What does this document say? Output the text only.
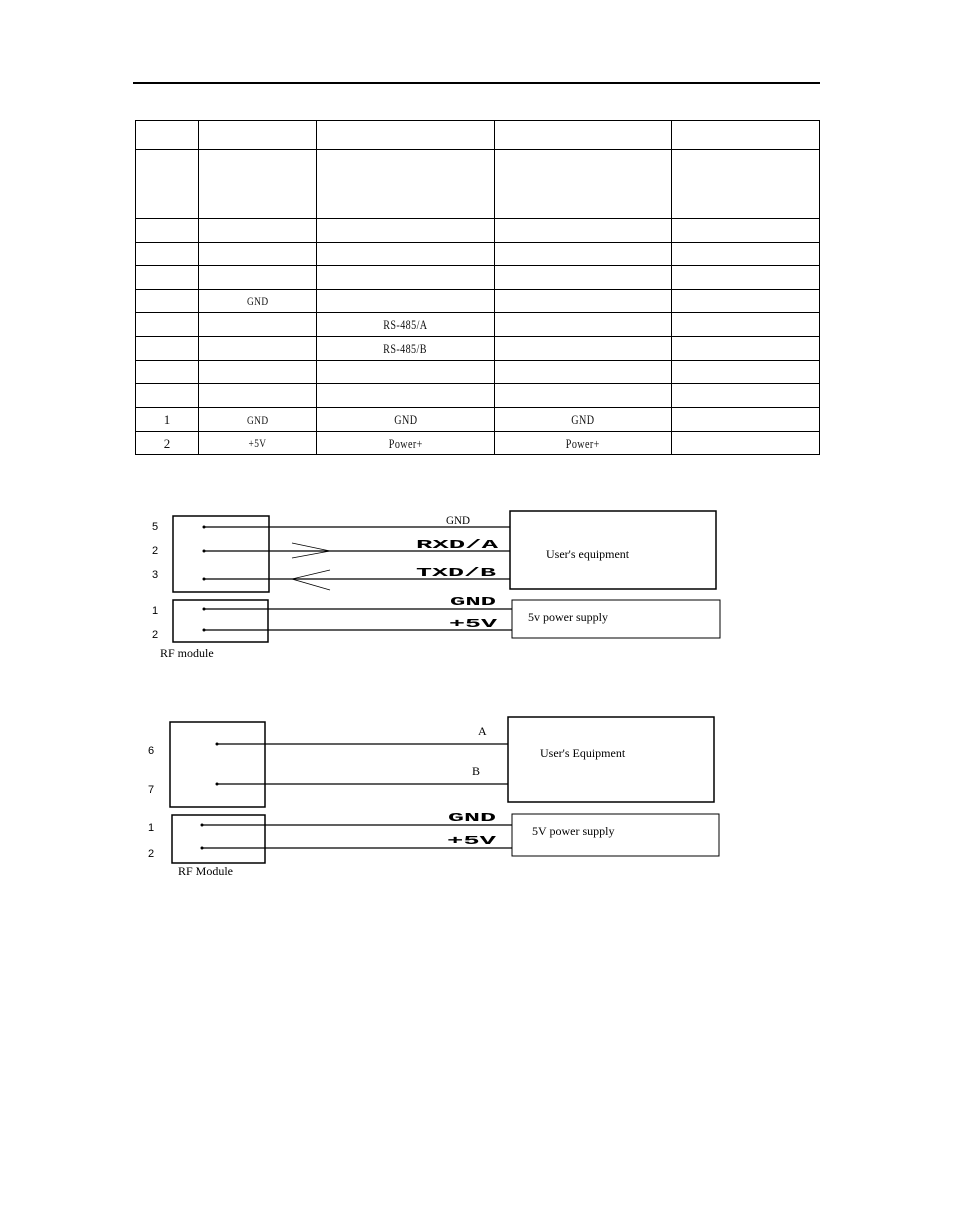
	GND			
		RS-485/A		
		RS-485/B		

1	GND	GND	GND	
2	+5V	Power+	Power+	
5
2
3
1
2
GND
RXD/A
TXD/B
GND
+5V
User's equipment
5v power supply
RF module
6
7
1
2
A
B
GND
+5V
User's Equipment
5V power supply
RF Module
